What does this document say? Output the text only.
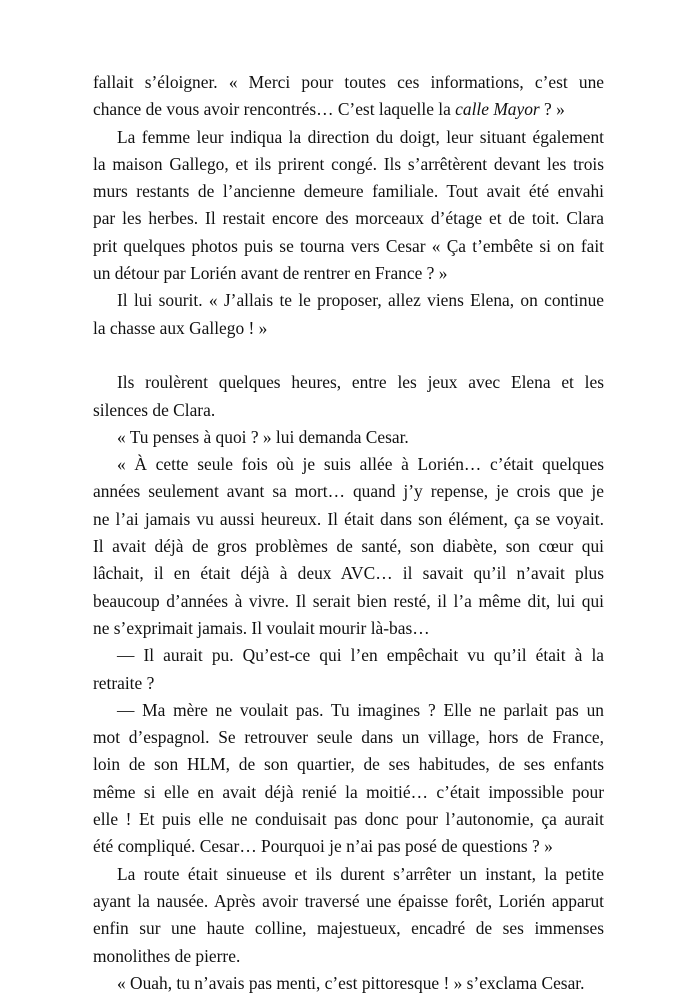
fallait s’éloigner. « Merci pour toutes ces informations, c’est une
chance de vous avoir rencontrés… C’est laquelle la calle Mayor ? »
La femme leur indiqua la direction du doigt, leur situant également
la maison Gallego, et ils prirent congé. Ils s’arrêtèrent devant les trois
murs restants de l’ancienne demeure familiale. Tout avait été envahi
par les herbes. Il restait encore des morceaux d’étage et de toit. Clara
prit quelques photos puis se tourna vers Cesar « Ça t’embête si on fait
un détour par Lorién avant de rentrer en France ? »
Il lui sourit. « J’allais te le proposer, allez viens Elena, on continue
la chasse aux Gallego ! »
Ils roulèrent quelques heures, entre les jeux avec Elena et les
silences de Clara.
« Tu penses à quoi ? » lui demanda Cesar.
« À cette seule fois où je suis allée à Lorién… c’était quelques
années seulement avant sa mort… quand j’y repense, je crois que je
ne l’ai jamais vu aussi heureux. Il était dans son élément, ça se voyait.
Il avait déjà de gros problèmes de santé, son diabète, son cœur qui
lâchait, il en était déjà à deux AVC… il savait qu’il n’avait plus
beaucoup d’années à vivre. Il serait bien resté, il l’a même dit, lui qui
ne s’exprimait jamais. Il voulait mourir là-bas…
— Il aurait pu. Qu’est-ce qui l’en empêchait vu qu’il était à la
retraite ?
— Ma mère ne voulait pas. Tu imagines ? Elle ne parlait pas un
mot d’espagnol. Se retrouver seule dans un village, hors de France,
loin de son HLM, de son quartier, de ses habitudes, de ses enfants
même si elle en avait déjà renié la moitié… c’était impossible pour
elle ! Et puis elle ne conduisait pas donc pour l’autonomie, ça aurait
été compliqué. Cesar… Pourquoi je n’ai pas posé de questions ? »
La route était sinueuse et ils durent s’arrêter un instant, la petite
ayant la nausée. Après avoir traversé une épaisse forêt, Lorién apparut
enfin sur une haute colline, majestueux, encadré de ses immenses
monolithes de pierre.
« Ouah, tu n’avais pas menti, c’est pittoresque ! » s’exclama Cesar.
